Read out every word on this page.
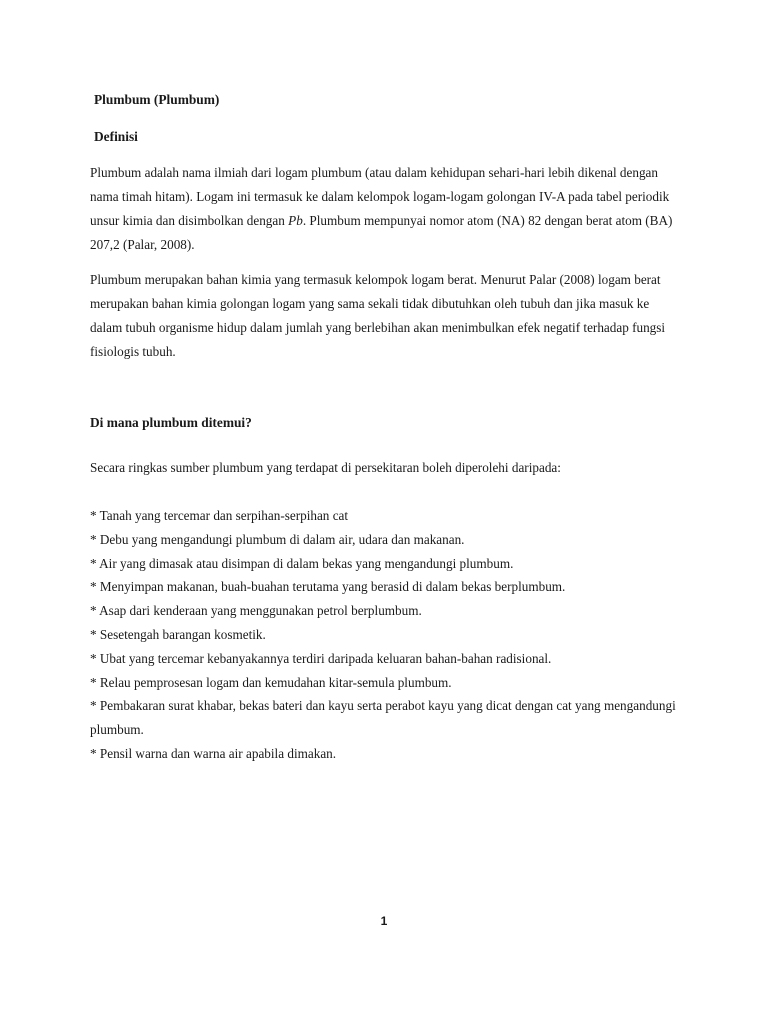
Plumbum (Plumbum)

Definisi

Plumbum adalah nama ilmiah dari logam plumbum (atau dalam kehidupan sehari-hari lebih dikenal dengan nama timah hitam). Logam ini termasuk ke dalam kelompok logam-logam golongan IV-A pada tabel periodik unsur kimia dan disimbolkan dengan Pb. Plumbum mempunyai nomor atom (NA) 82 dengan berat atom (BA) 207,2 (Palar, 2008).

Plumbum merupakan bahan kimia yang termasuk kelompok logam berat. Menurut Palar (2008) logam berat merupakan bahan kimia golongan logam yang sama sekali tidak dibutuhkan oleh tubuh dan jika masuk ke dalam tubuh organisme hidup dalam jumlah yang berlebihan akan menimbulkan efek negatif terhadap fungsi fisiologis tubuh.

Di mana plumbum ditemui?

Secara ringkas sumber plumbum yang terdapat di persekitaran boleh diperolehi daripada:

* Tanah yang tercemar dan serpihan-serpihan cat
* Debu yang mengandungi plumbum di dalam air, udara dan makanan.
* Air yang dimasak atau disimpan di dalam bekas yang mengandungi plumbum.
* Menyimpan makanan, buah-buahan terutama yang berasid di dalam bekas berplumbum.
* Asap dari kenderaan yang menggunakan petrol berplumbum.
* Sesetengah barangan kosmetik.
* Ubat yang tercemar kebanyakannya terdiri daripada keluaran bahan-bahan radisional.
* Relau pemprosesan logam dan kemudahan kitar-semula plumbum.
* Pembakaran surat khabar, bekas bateri dan kayu serta perabot kayu yang dicat dengan cat yang mengandungi plumbum.
* Pensil warna dan warna air apabila dimakan.
1
